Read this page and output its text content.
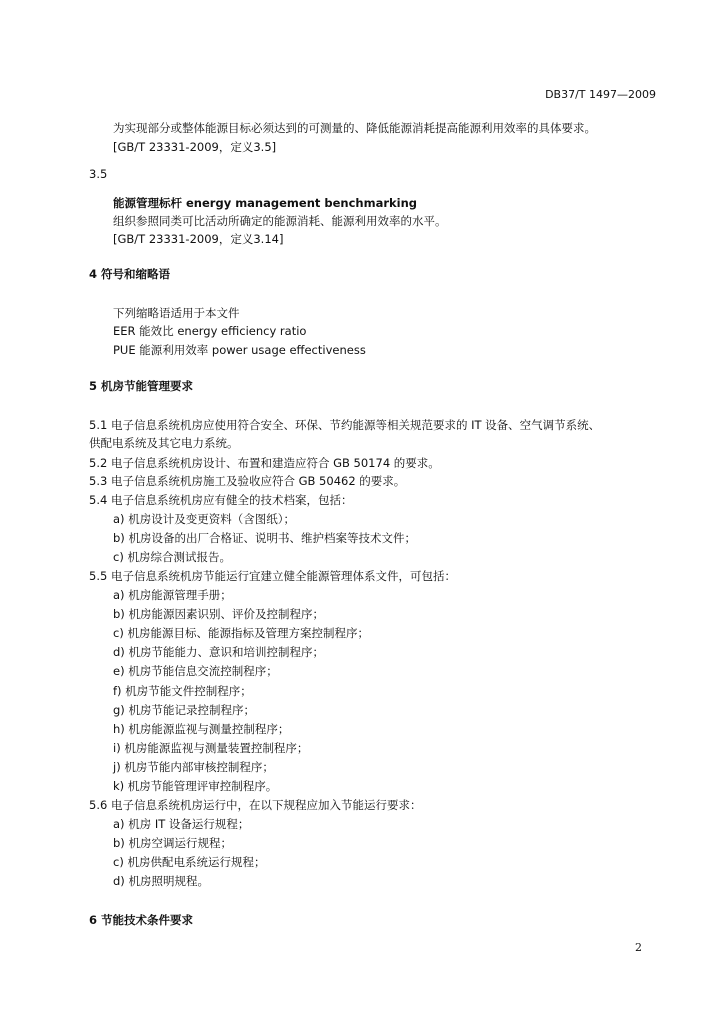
DB37/T 1497—2009
为实现部分或整体能源目标必须达到的可测量的、降低能源消耗提高能源利用效率的具体要求。
[GB/T 23331-2009，定义3.5]
3.5
能源管理标杆 energy management benchmarking
组织参照同类可比活动所确定的能源消耗、能源利用效率的水平。
[GB/T 23331-2009，定义3.14]
4 符号和缩略语
下列缩略语适用于本文件
EER 能效比 energy efficiency ratio
PUE 能源利用效率 power usage effectiveness
5 机房节能管理要求
5.1 电子信息系统机房应使用符合安全、环保、节约能源等相关规范要求的 IT 设备、空气调节系统、
供配电系统及其它电力系统。
5.2 电子信息系统机房设计、布置和建造应符合 GB 50174 的要求。
5.3 电子信息系统机房施工及验收应符合 GB 50462 的要求。
5.4 电子信息系统机房应有健全的技术档案，包括：
a) 机房设计及变更资料（含图纸）；
b) 机房设备的出厂合格证、说明书、维护档案等技术文件；
c) 机房综合测试报告。
5.5 电子信息系统机房节能运行宜建立健全能源管理体系文件，可包括：
a) 机房能源管理手册；
b) 机房能源因素识别、评价及控制程序；
c) 机房能源目标、能源指标及管理方案控制程序；
d) 机房节能能力、意识和培训控制程序；
e) 机房节能信息交流控制程序；
f) 机房节能文件控制程序；
g) 机房节能记录控制程序；
h) 机房能源监视与测量控制程序；
i) 机房能源监视与测量装置控制程序；
j) 机房节能内部审核控制程序；
k) 机房节能管理评审控制程序。
5.6 电子信息系统机房运行中，在以下规程应加入节能运行要求：
a) 机房 IT 设备运行规程；
b) 机房空调运行规程；
c) 机房供配电系统运行规程；
d) 机房照明规程。
6 节能技术条件要求
2
